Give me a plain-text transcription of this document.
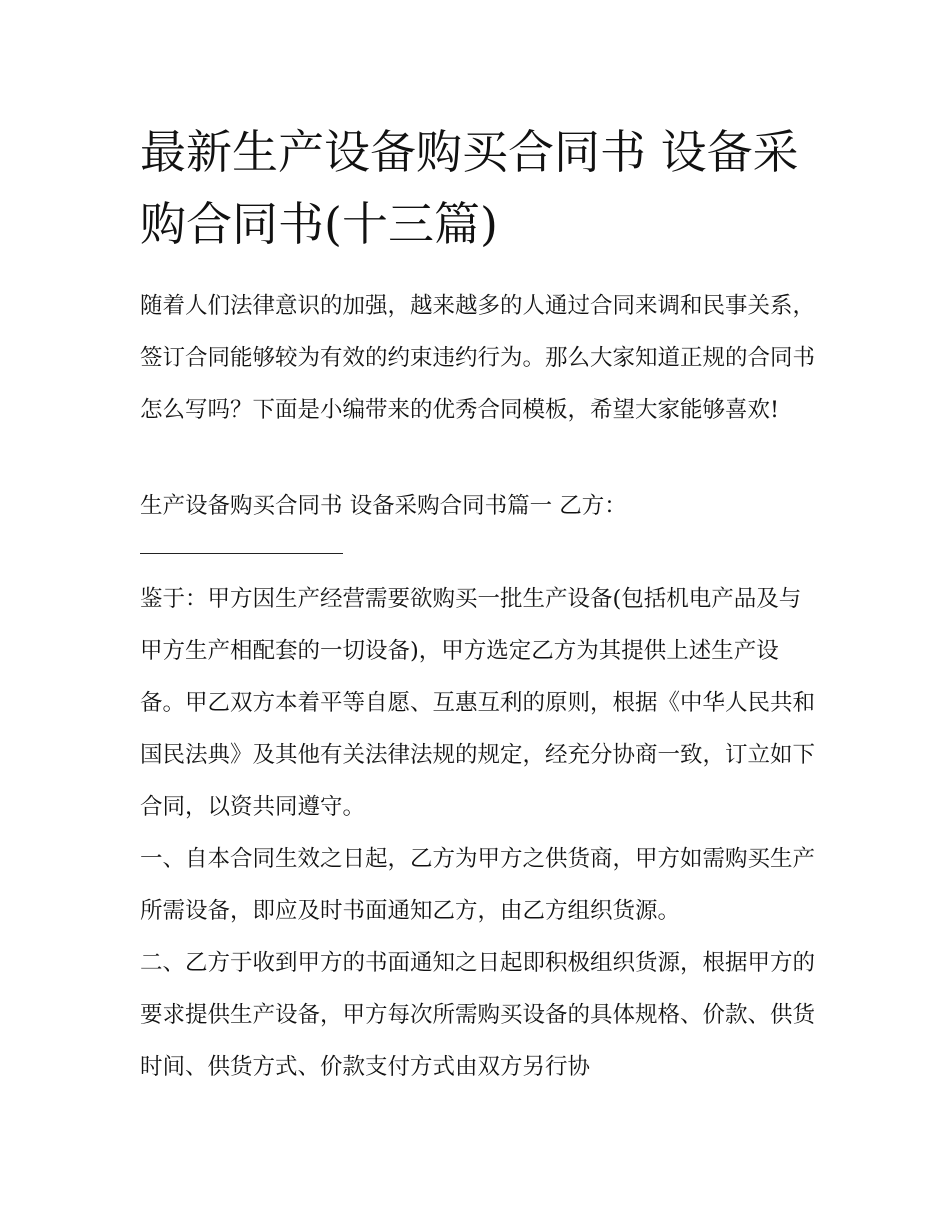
最新生产设备购买合同书 设备采购合同书(十三篇)

随着人们法律意识的加强，越来越多的人通过合同来调和民事关系，签订合同能够较为有效的约束违约行为。那么大家知道正规的合同书怎么写吗？下面是小编带来的优秀合同模板，希望大家能够喜欢!

生产设备购买合同书 设备采购合同书篇一 乙方：

鉴于：甲方因生产经营需要欲购买一批生产设备(包括机电产品及与甲方生产相配套的一切设备)，甲方选定乙方为其提供上述生产设备。甲乙双方本着平等自愿、互惠互利的原则，根据《中华人民共和国民法典》及其他有关法律法规的规定，经充分协商一致，订立如下合同，以资共同遵守。
一、自本合同生效之日起，乙方为甲方之供货商，甲方如需购买生产所需设备，即应及时书面通知乙方，由乙方组织货源。
二、乙方于收到甲方的书面通知之日起即积极组织货源，根据甲方的要求提供生产设备，甲方每次所需购买设备的具体规格、价款、供货时间、供货方式、价款支付方式由双方另行协
